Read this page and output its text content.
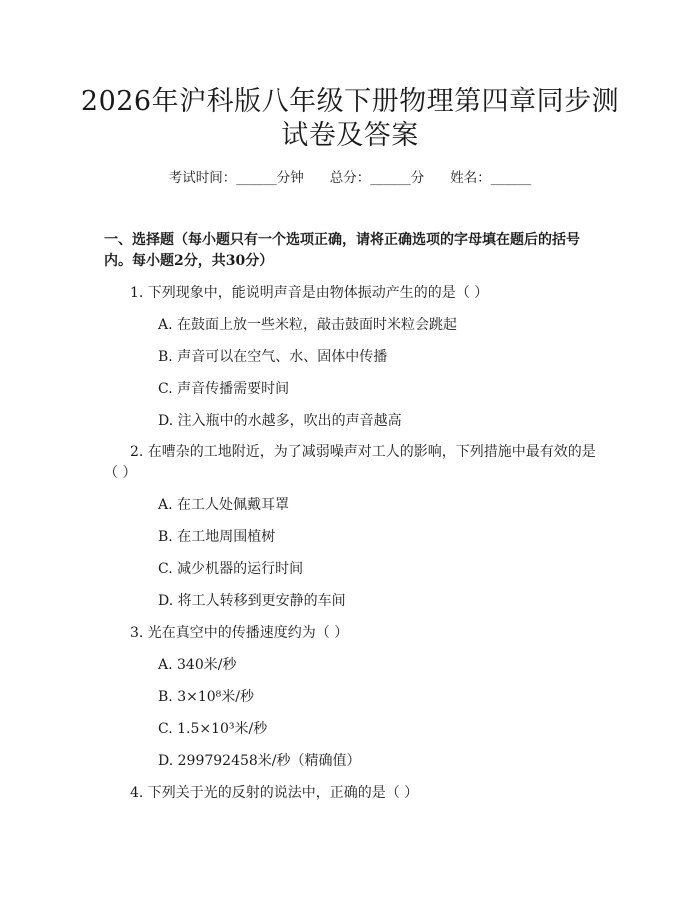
2026年沪科版八年级下册物理第四章同步测
试卷及答案
考试时间：______分钟 总分：______分 姓名：______
一、选择题（每小题只有一个选项正确，请将正确选项的字母填在题后的括号
内。每小题2分，共30分）
1. 下列现象中，能说明声音是由物体振动产生的的是（ ）
A. 在鼓面上放一些米粒，敲击鼓面时米粒会跳起
B. 声音可以在空气、水、固体中传播
C. 声音传播需要时间
D. 注入瓶中的水越多，吹出的声音越高
2. 在嘈杂的工地附近，为了减弱噪声对工人的影响，下列措施中最有效的是
（ ）
A. 在工人处佩戴耳罩
B. 在工地周围植树
C. 减少机器的运行时间
D. 将工人转移到更安静的车间
3. 光在真空中的传播速度约为（ ）
A. 340米/秒
B. 3×10⁸米/秒
C. 1.5×10³米/秒
D. 299792458米/秒（精确值）
4. 下列关于光的反射的说法中，正确的是（ ）
